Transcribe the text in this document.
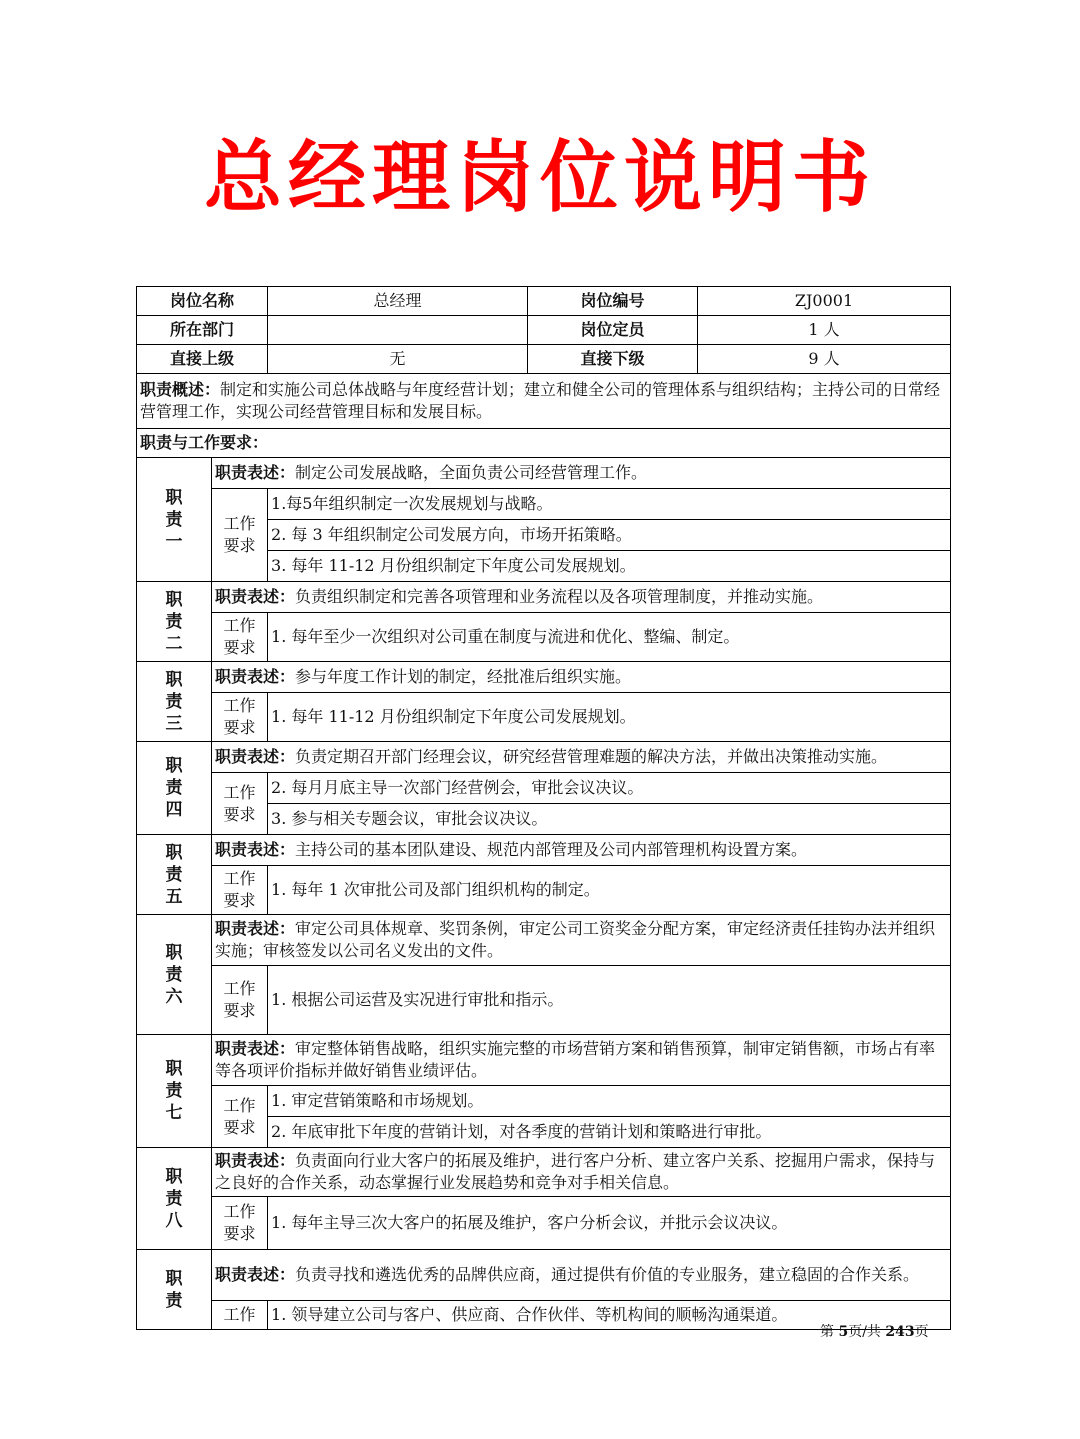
总经理岗位说明书
岗位名称		总经理	岗位编号	ZJ0001
所在部门			岗位定员	1 人
直接上级		无	直接下级	9 人
职责概述：制定和实施公司总体战略与年度经营计划；建立和健全公司的管理体系与组织结构；主持公司的日常经营管理工作，实现公司经营管理目标和发展目标。				
职责与工作要求：				
职责一	职责表述：制定公司发展战略，全面负责公司经营管理工作。			
	工作要求	1.每5年组织制定一次发展规划与战略。		
		2. 每 3 年组织制定公司发展方向，市场开拓策略。		
		3. 每年 11-12 月份组织制定下年度公司发展规划。		
职责二	职责表述：负责组织制定和完善各项管理和业务流程以及各项管理制度，并推动实施。			
	工作要求	1. 每年至少一次组织对公司重在制度与流进和优化、整编、制定。		
职责三	职责表述：参与年度工作计划的制定，经批准后组织实施。			
	工作要求	1. 每年 11-12 月份组织制定下年度公司发展规划。		
职责四	职责表述：负责定期召开部门经理会议，研究经营管理难题的解决方法，并做出决策推动实施。			
	工作要求	2. 每月月底主导一次部门经营例会，审批会议决议。		
		3. 参与相关专题会议，审批会议决议。		
职责五	职责表述：主持公司的基本团队建设、规范内部管理及公司内部管理机构设置方案。			
	工作要求	1. 每年 1 次审批公司及部门组织机构的制定。		
职责六	职责表述：审定公司具体规章、奖罚条例，审定公司工资奖金分配方案，审定经济责任挂钩办法并组织实施；审核签发以公司名义发出的文件。			
	工作要求	1. 根据公司运营及实况进行审批和指示。		
职责七	职责表述：审定整体销售战略，组织实施完整的市场营销方案和销售预算，制审定销售额，市场占有率等各项评价指标并做好销售业绩评估。			
	工作要求	1. 审定营销策略和市场规划。		
		2. 年底审批下年度的营销计划，对各季度的营销计划和策略进行审批。		
职责八	职责表述：负责面向行业大客户的拓展及维护，进行客户分析、建立客户关系、挖掘用户需求，保持与之良好的合作关系，动态掌握行业发展趋势和竞争对手相关信息。			
	工作要求	1. 每年主导三次大客户的拓展及维护，客户分析会议，并批示会议决议。		
职责	职责表述：负责寻找和遴选优秀的品牌供应商，通过提供有价值的专业服务，建立稳固的合作关系。			
	工作	1. 领导建立公司与客户、供应商、合作伙伴、等机构间的顺畅沟通渠道。		
第 5页/共 243页
